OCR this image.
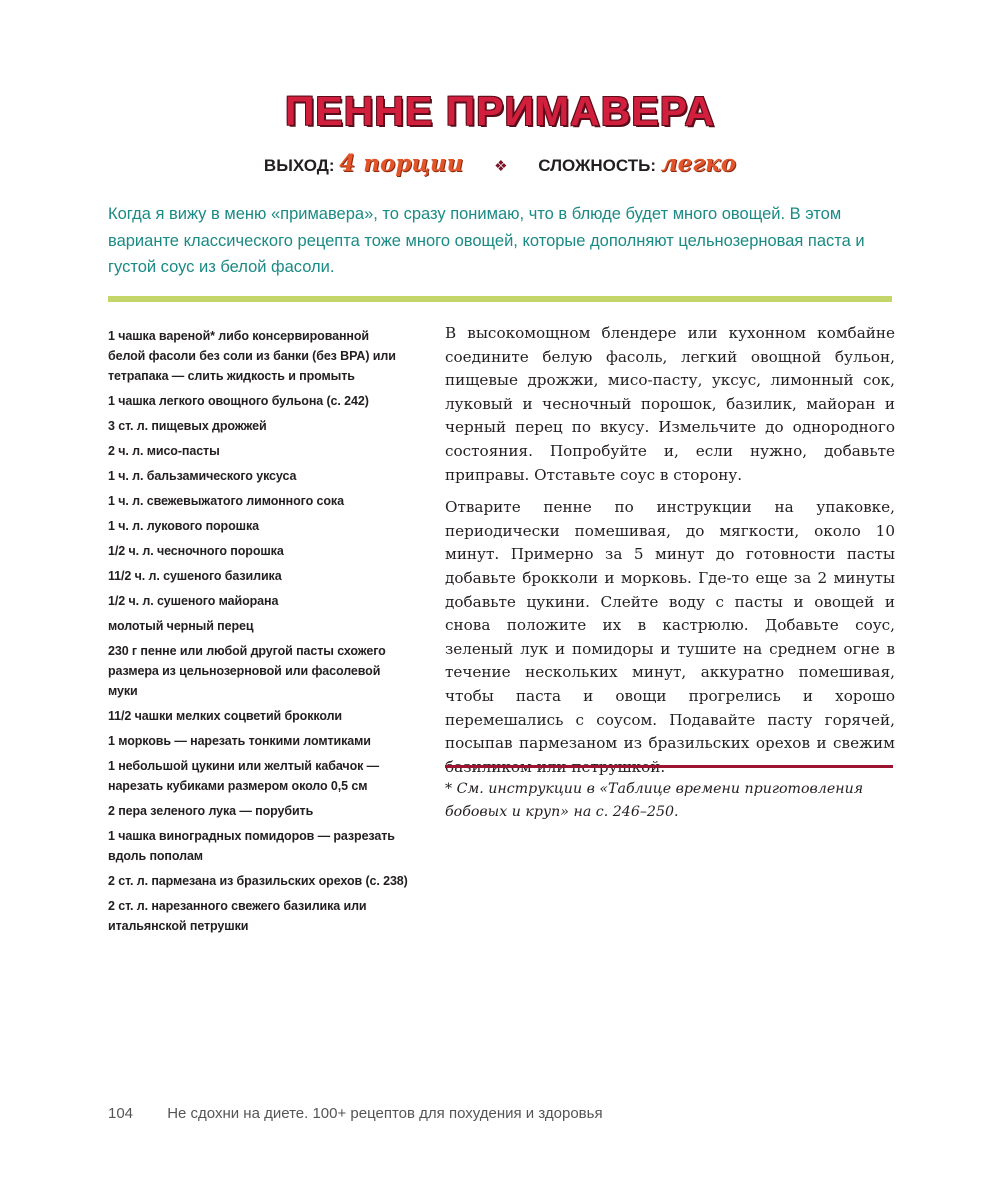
ПЕННЕ ПРИМАВЕРА
ВЫХОД: 4 порции ❖ СЛОЖНОСТЬ: легко
Когда я вижу в меню «примавера», то сразу понимаю, что в блюде будет много овощей. В этом варианте классического рецепта тоже много овощей, которые дополняют цельнозерновая паста и густой соус из белой фасоли.
1 чашка вареной* либо консервированной белой фасоли без соли из банки (без BPA) или тетрапака — слить жидкость и промыть
1 чашка легкого овощного бульона (с. 242)
3 ст. л. пищевых дрожжей
2 ч. л. мисо-пасты
1 ч. л. бальзамического уксуса
1 ч. л. свежевыжатого лимонного сока
1 ч. л. лукового порошка
1/2 ч. л. чесночного порошка
11/2 ч. л. сушеного базилика
1/2 ч. л. сушеного майорана
молотый черный перец
230 г пенне или любой другой пасты схожего размера из цельнозерновой или фасолевой муки
11/2 чашки мелких соцветий брокколи
1 морковь — нарезать тонкими ломтиками
1 небольшой цукини или желтый кабачок — нарезать кубиками размером около 0,5 см
2 пера зеленого лука — порубить
1 чашка виноградных помидоров — разрезать вдоль пополам
2 ст. л. пармезана из бразильских орехов (с. 238)
2 ст. л. нарезанного свежего базилика или итальянской петрушки

В высокомощном блендере или кухонном комбайне соедините белую фасоль, легкий овощной бульон, пищевые дрожжи, мисо-пасту, уксус, лимонный сок, луковый и чесночный порошок, базилик, майоран и черный перец по вкусу. Измельчите до однородного состояния. Попробуйте и, если нужно, добавьте приправы. Отставьте соус в сторону.

Отварите пенне по инструкции на упаковке, периодически помешивая, до мягкости, около 10 минут. Примерно за 5 минут до готовности пасты добавьте брокколи и морковь. Где-то еще за 2 минуты добавьте цукини. Слейте воду с пасты и овощей и снова положите их в кастрюлю. Добавьте соус, зеленый лук и помидоры и тушите на среднем огне в течение нескольких минут, аккуратно помешивая, чтобы паста и овощи прогрелись и хорошо перемешались с соусом. Подавайте пасту горячей, посыпав пармезаном из бразильских орехов и свежим

* См. инструкции в «Таблице времени приготовления бобовых и круп» на с. 246–250.
104 Не сдохни на диете. 100+ рецептов для похудения и здоровья
